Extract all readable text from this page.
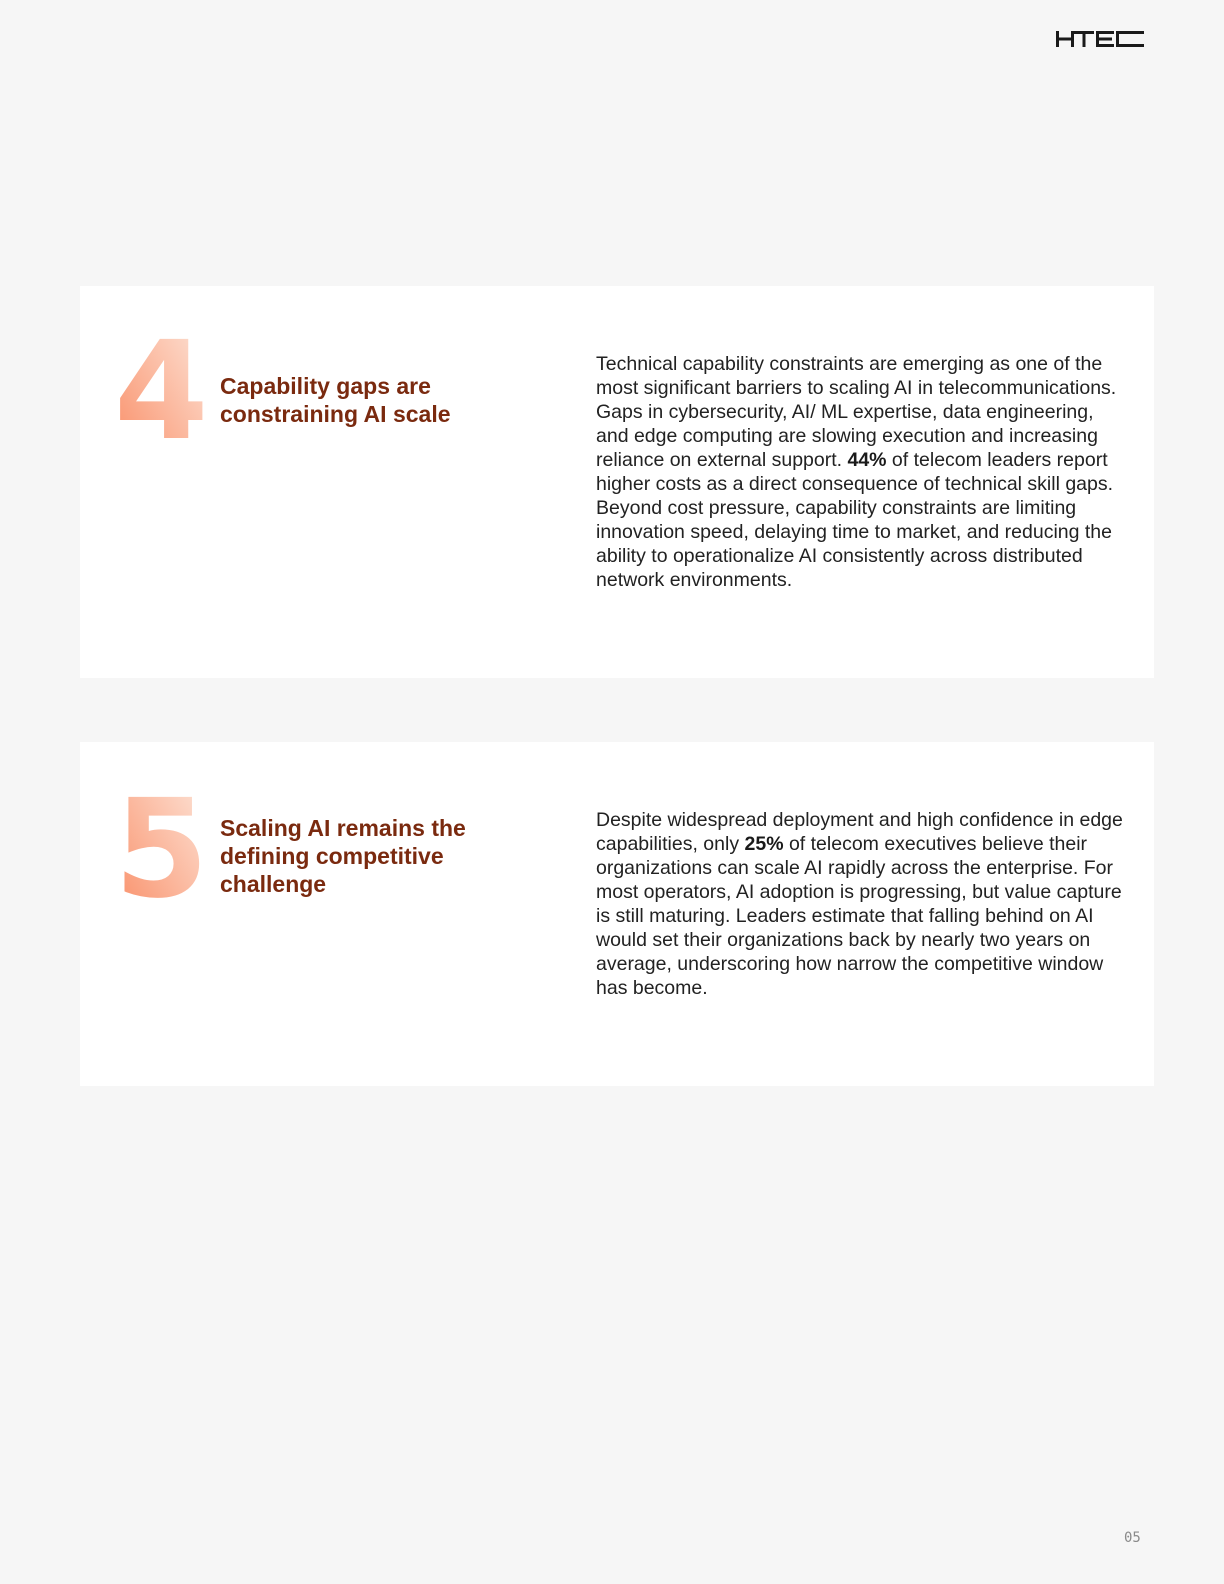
4 Capability gaps are constraining AI scale
Technical capability constraints are emerging as one of the most significant barriers to scaling AI in telecommunications. Gaps in cybersecurity, AI/ ML expertise, data engineering, and edge computing are slowing execution and increasing reliance on external support. 44% of telecom leaders report higher costs as a direct consequence of technical skill gaps. Beyond cost pressure, capability constraints are limiting innovation speed, delaying time to market, and reducing the ability to operationalize AI consistently across distributed network environments.
5 Scaling AI remains the defining competitive challenge
Despite widespread deployment and high confidence in edge capabilities, only 25% of telecom executives believe their organizations can scale AI rapidly across the enterprise. For most operators, AI adoption is progressing, but value capture is still maturing. Leaders estimate that falling behind on AI would set their organizations back by nearly two years on average, underscoring how narrow the competitive window has become.
05
